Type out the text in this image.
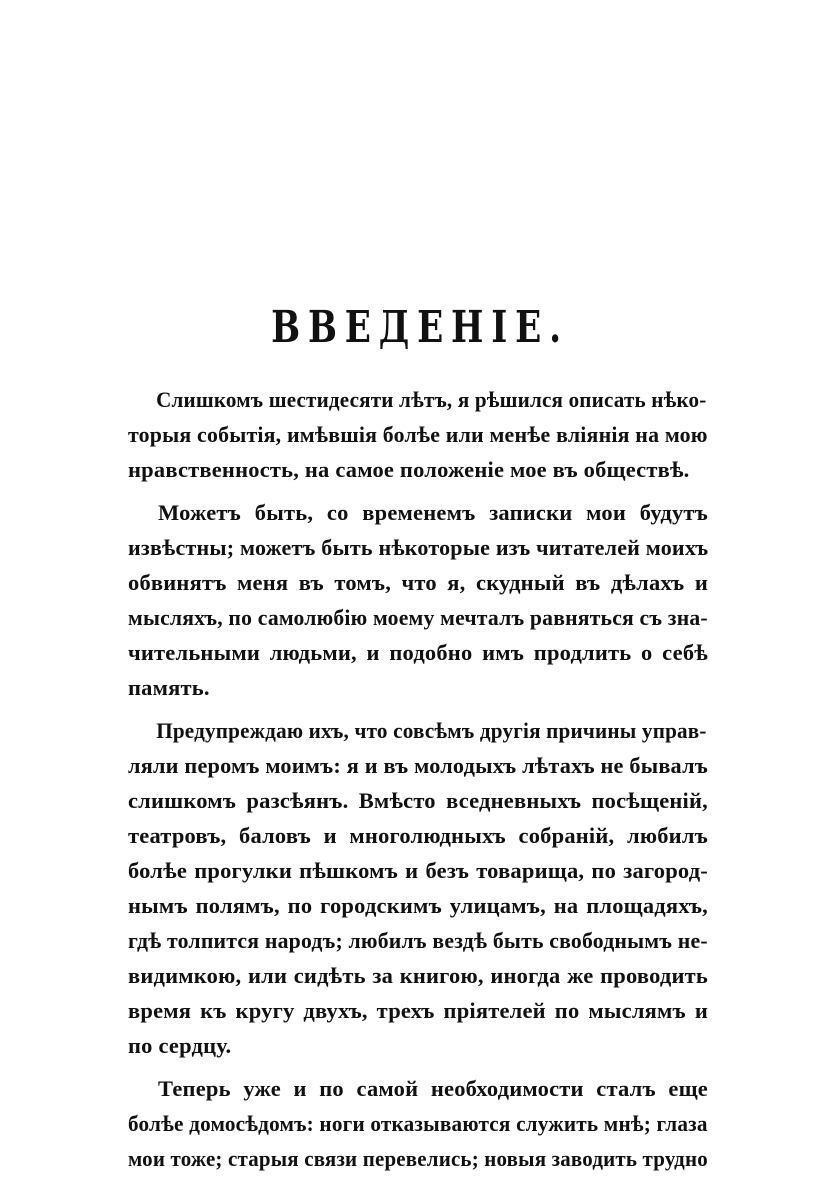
ВВЕДЕНІЕ.
Слишкомъ шестидесяти лѣтъ, я рѣшился описать нѣко-
торыя событія, имѣвшія болѣе или менѣе вліянія на мою
нравственность, на самое положеніе мое въ обществѣ.
Можетъ быть, со временемъ записки мои будутъ
извѣстны; можетъ быть нѣкоторые изъ читателей моихъ
обвинятъ меня въ томъ, что я, скудный въ дѣлахъ и
мысляхъ, по самолюбію моему мечталъ равняться съ зна-
чительными людьми, и подобно имъ продлить о себѣ
память.
Предупреждаю ихъ, что совсѣмъ другія причины управ-
ляли перомъ моимъ: я и въ молодыхъ лѣтахъ не бывалъ
слишкомъ разсѣянъ. Вмѣсто вседневныхъ посѣщеній,
театровъ, баловъ и многолюдныхъ собраній, любилъ
болѣе прогулки пѣшкомъ и безъ товарища, по загород-
нымъ полямъ, по городскимъ улицамъ, на площадяхъ,
гдѣ толпится народъ; любилъ вездѣ быть свободнымъ не-
видимкою, или сидѣть за книгою, иногда же проводить
время къ кругу двухъ, трехъ пріятелей по мыслямъ и
по сердцу.
Теперь уже и по самой необходимости сталъ еще
болѣе домосѣдомъ: ноги отказываются служить мнѣ; глаза
мои тоже; старыя связи перевелись; новыя заводить трудно
